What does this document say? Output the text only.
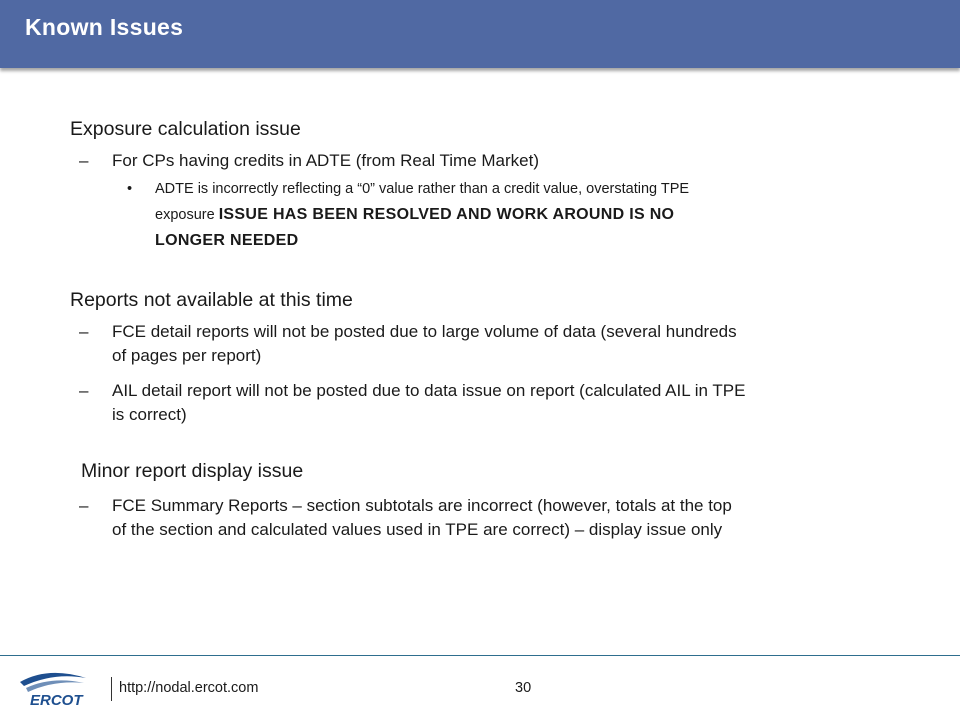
Known Issues
Exposure calculation issue
– For CPs having credits in ADTE (from Real Time Market)
• ADTE is incorrectly reflecting a “0” value rather than a credit value, overstating TPE
exposure ISSUE HAS BEEN RESOLVED AND WORK AROUND IS NO
LONGER NEEDED
Reports not available at this time
– FCE detail reports will not be posted due to large volume of data (several hundreds
of pages per report)
– AIL detail report will not be posted due to data issue on report (calculated AIL in TPE
is correct)
Minor report display issue
– FCE Summary Reports – section subtotals are incorrect (however, totals at the top
of the section and calculated values used in TPE are correct) – display issue only
ERCOT
http://nodal.ercot.com	30
